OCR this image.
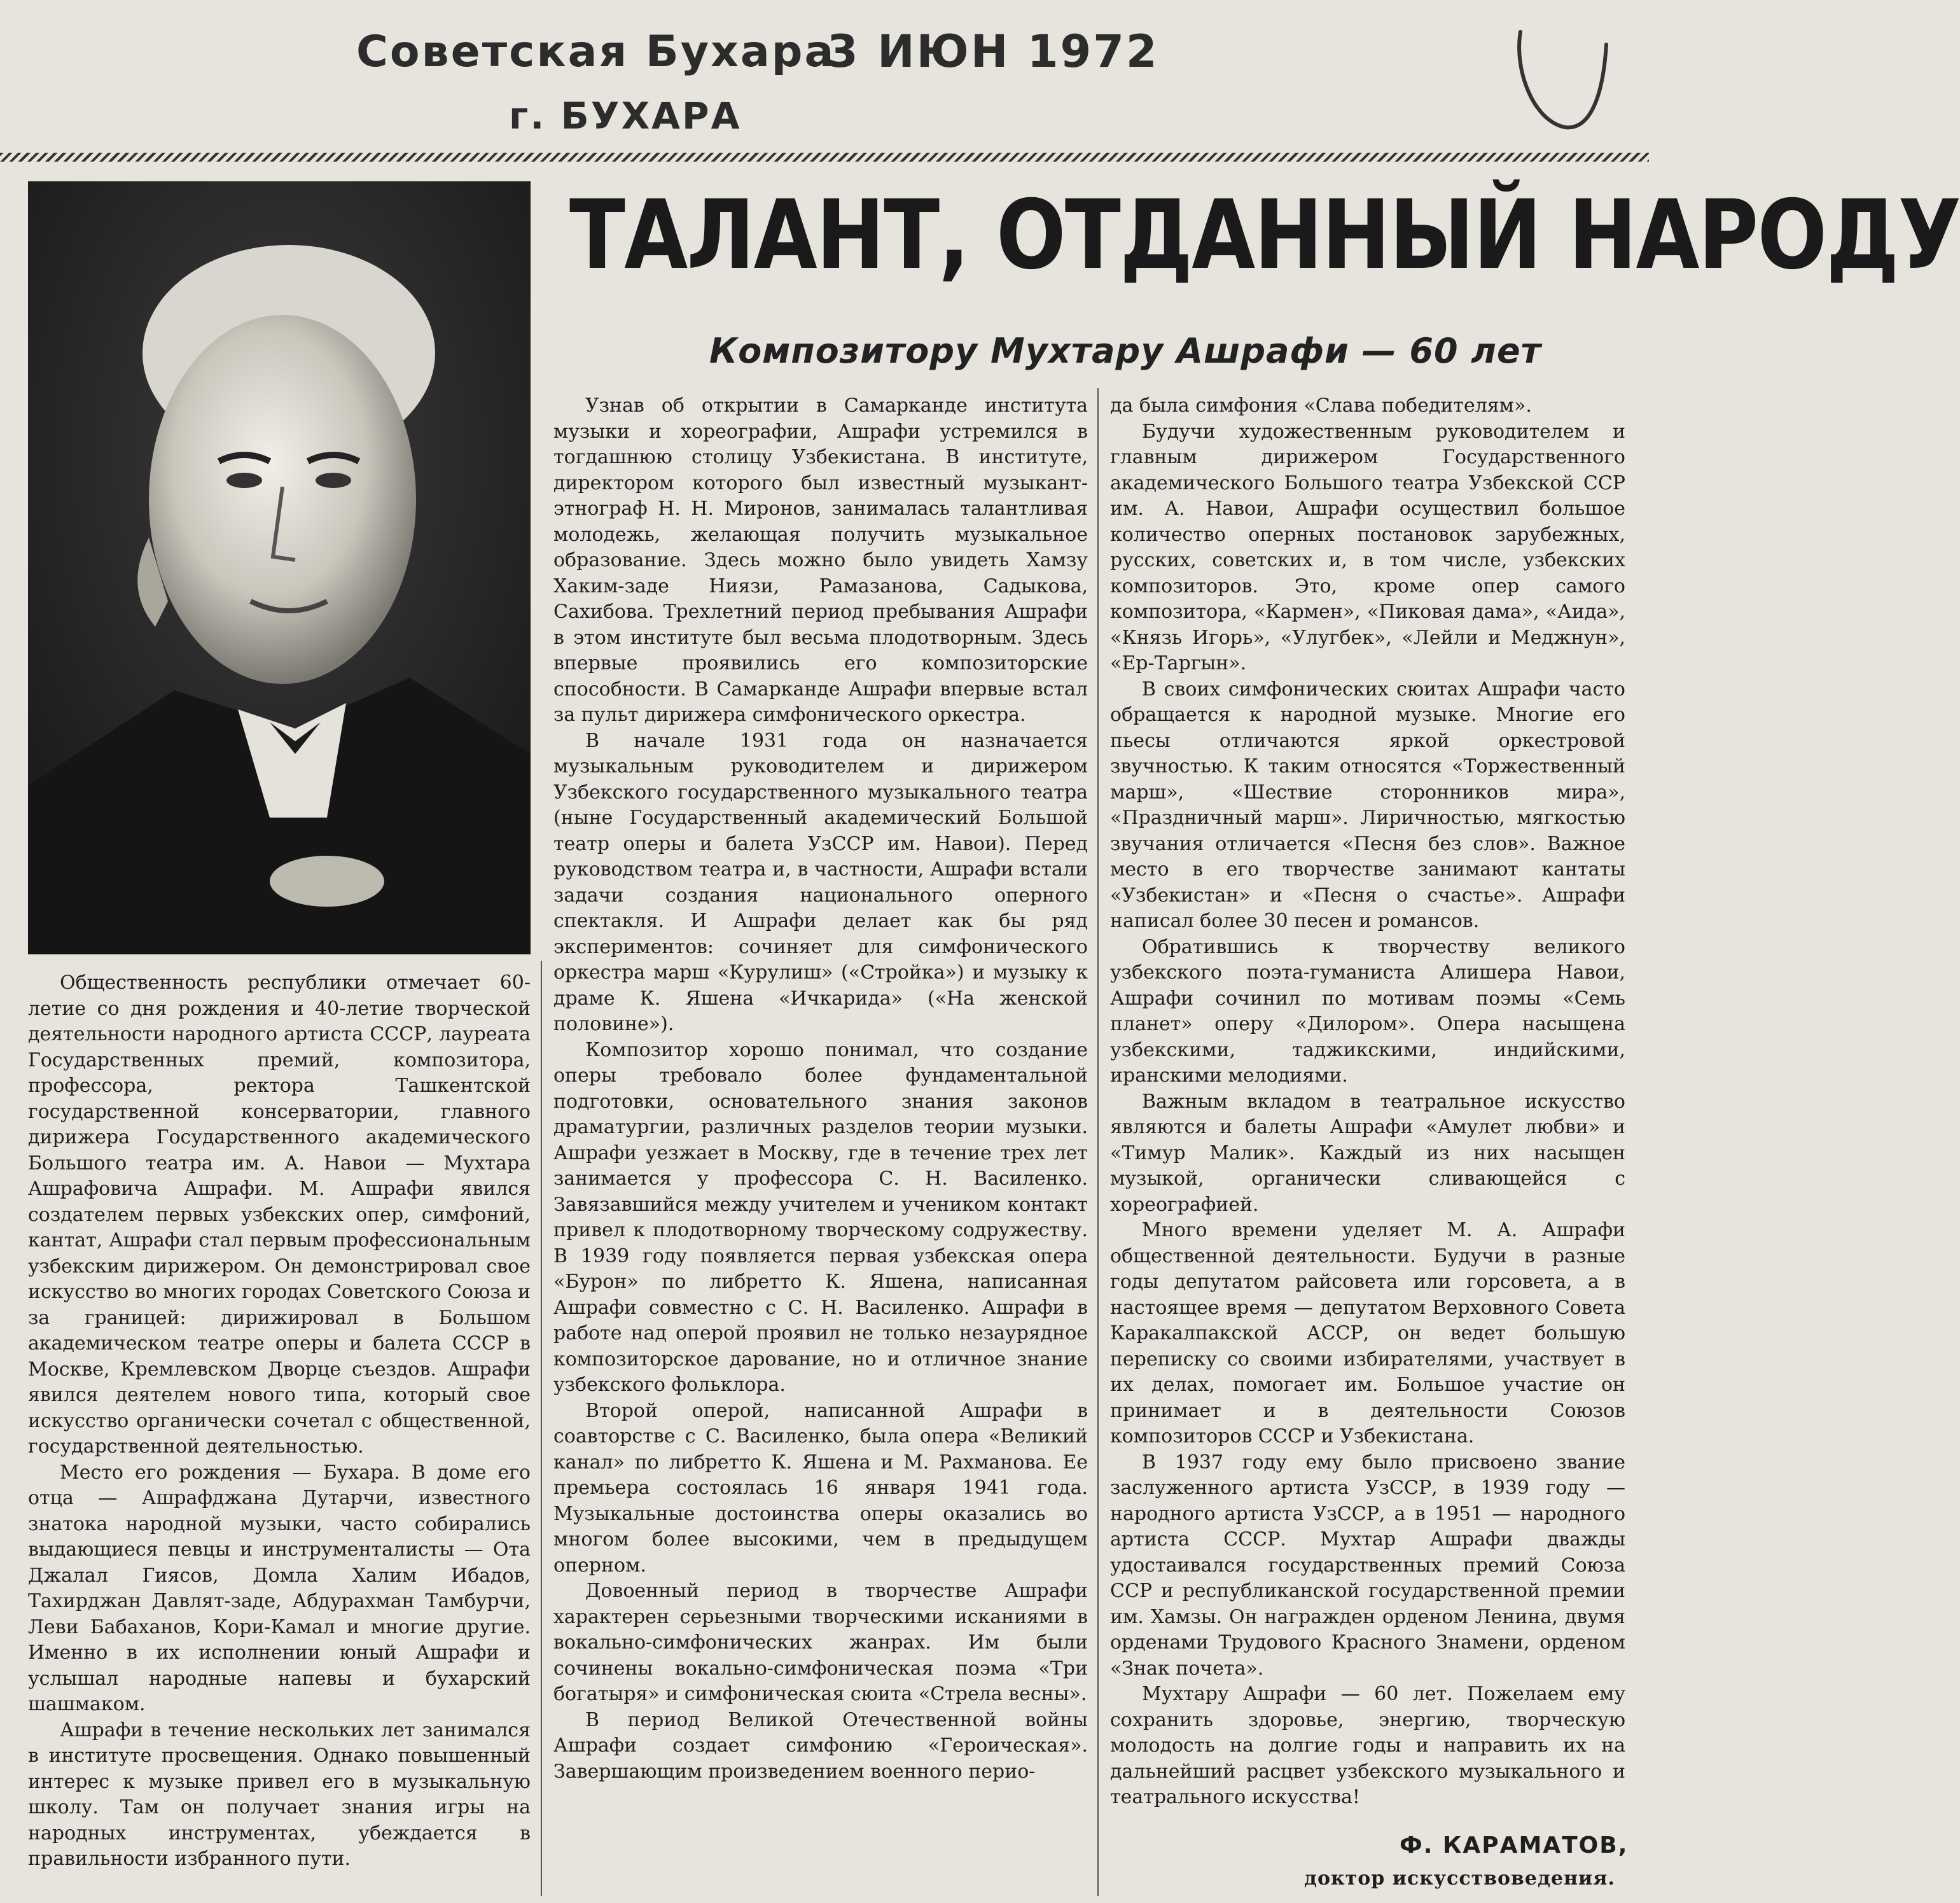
Советская Бухара
г. БУХАРА
3 ИЮН 1972
ТАЛАНТ, ОТДАННЫЙ НАРОДУ
Композитору Мухтару Ашрафи — 60 лет

Общественность республики отмечает 60-летие со дня рождения и 40-летие творческой деятельности народного артиста СССР, лауреата Государственных премий, композитора, профессора, ректора Ташкентской государственной консерватории, главного дирижера Государственного академического Большого театра им. А. Навои — Мухтара Ашрафовича Ашрафи. М. Ашрафи явился создателем первых узбекских опер, симфоний, кантат, Ашрафи стал первым профессиональным узбекским дирижером. Он демонстрировал свое искусство во многих городах Советского Союза и за границей: дирижировал в Большом академическом театре оперы и балета СССР в Москве, Кремлевском Дворце съездов. Ашрафи явился деятелем нового типа, который свое искусство органически сочетал с общественной, государственной деятельностью.

Место его рождения — Бухара. В доме его отца — Ашрафджана Дутарчи, известного знатока народной музыки, часто собирались выдающиеся певцы и инструменталисты — Ота Джалал Гиясов, Домла Халим Ибадов, Тахирджан Давлят-заде, Абдурахман Тамбурчи, Леви Бабаханов, Кори-Камал и многие другие. Именно в их исполнении юный Ашрафи и услышал народные напевы и бухарский шашмаком.

Ашрафи в течение нескольких лет занимался в институте просвещения. Однако повышенный интерес к музыке привел его в музыкальную школу. Там он получает знания игры на народных инструментах, убеждается в правильности избранного пути.

Узнав об открытии в Самарканде института музыки и хореографии, Ашрафи устремился в тогдашнюю столицу Узбекистана. В институте, директором которого был известный музыкант-этнограф Н. Н. Миронов, занималась талантливая молодежь, желающая получить музыкальное образование. Здесь можно было увидеть Хамзу Хаким-заде Ниязи, Рамазанова, Садыкова, Сахибова. Трехлетний период пребывания Ашрафи в этом институте был весьма плодотворным. Здесь впервые проявились его композиторские способности. В Самарканде Ашрафи впервые встал за пульт дирижера симфонического оркестра.

В начале 1931 года он назначается музыкальным руководителем и дирижером Узбекского государственного музыкального театра (ныне Государственный академический Большой театр оперы и балета УзССР им. Навои). Перед руководством театра и, в частности, Ашрафи встали задачи создания национального оперного спектакля. И Ашрафи делает как бы ряд экспериментов: сочиняет для симфонического оркестра марш «Курулиш» («Стройка») и музыку к драме К. Яшена «Ичкарида» («На женской половине»).

Композитор хорошо понимал, что создание оперы требовало более фундаментальной подготовки, основательного знания законов драматургии, различных разделов теории музыки. Ашрафи уезжает в Москву, где в течение трех лет занимается у профессора С. Н. Василенко. Завязавшийся между учителем и учеником контакт привел к плодотворному творческому содружеству. В 1939 году появляется первая узбекская опера «Бурон» по либретто К. Яшена, написанная Ашрафи совместно с С. Н. Василенко. Ашрафи в работе над оперой проявил не только незаурядное композиторское дарование, но и отличное знание узбекского фольклора.

Второй оперой, написанной Ашрафи в соавторстве с С. Василенко, была опера «Великий канал» по либретто К. Яшена и М. Рахманова. Ее премьера состоялась 16 января 1941 года. Музыкальные достоинства оперы оказались во многом более высокими, чем в предыдущем оперном.

Довоенный период в творчестве Ашрафи характерен серьезными творческими исканиями в вокально-симфонических жанрах. Им были сочинены вокально-симфоническая поэма «Три богатыря» и симфоническая сюита «Стрела весны».

В период Великой Отечественной войны Ашрафи создает симфонию «Героическая». Завершающим произведением военного перио-

да была симфония «Слава победителям».

Будучи художественным руководителем и главным дирижером Государственного академического Большого театра Узбекской ССР им. А. Навои, Ашрафи осуществил большое количество оперных постановок зарубежных, русских, советских и, в том числе, узбекских композиторов. Это, кроме опер самого композитора, «Кармен», «Пиковая дама», «Аида», «Князь Игорь», «Улугбек», «Лейли и Меджнун», «Ер-Таргын».

В своих симфонических сюитах Ашрафи часто обращается к народной музыке. Многие его пьесы отличаются яркой оркестровой звучностью. К таким относятся «Торжественный марш», «Шествие сторонников мира», «Праздничный марш». Лиричностью, мягкостью звучания отличается «Песня без слов». Важное место в его творчестве занимают кантаты «Узбекистан» и «Песня о счастье». Ашрафи написал более 30 песен и романсов.

Обратившись к творчеству великого узбекского поэта-гуманиста Алишера Навои, Ашрафи сочинил по мотивам поэмы «Семь планет» оперу «Дилором». Опера насыщена узбекскими, таджикскими, индийскими, иранскими мелодиями.

Важным вкладом в театральное искусство являются и балеты Ашрафи «Амулет любви» и «Тимур Малик». Каждый из них насыщен музыкой, органически сливающейся с хореографией.

Много времени уделяет М. А. Ашрафи общественной деятельности. Будучи в разные годы депутатом райсовета или горсовета, а в настоящее время — депутатом Верховного Совета Каракалпакской АССР, он ведет большую переписку со своими избирателями, участвует в их делах, помогает им. Большое участие он принимает и в деятельности Союзов композиторов СССР и Узбекистана.

В 1937 году ему было присвоено звание заслуженного артиста УзССР, в 1939 году — народного артиста УзССР, а в 1951 — народного артиста СССР. Мухтар Ашрафи дважды удостаивался государственных премий Союза ССР и республиканской государственной премии им. Хамзы. Он награжден орденом Ленина, двумя орденами Трудового Красного Знамени, орденом «Знак почета».

Мухтару Ашрафи — 60 лет. Пожелаем ему сохранить здоровье, энергию, творческую молодость на долгие годы и направить их на дальнейший расцвет узбекского музыкального и театрального искусства!

Ф. КАРАМАТОВ,
доктор искусствоведения.
